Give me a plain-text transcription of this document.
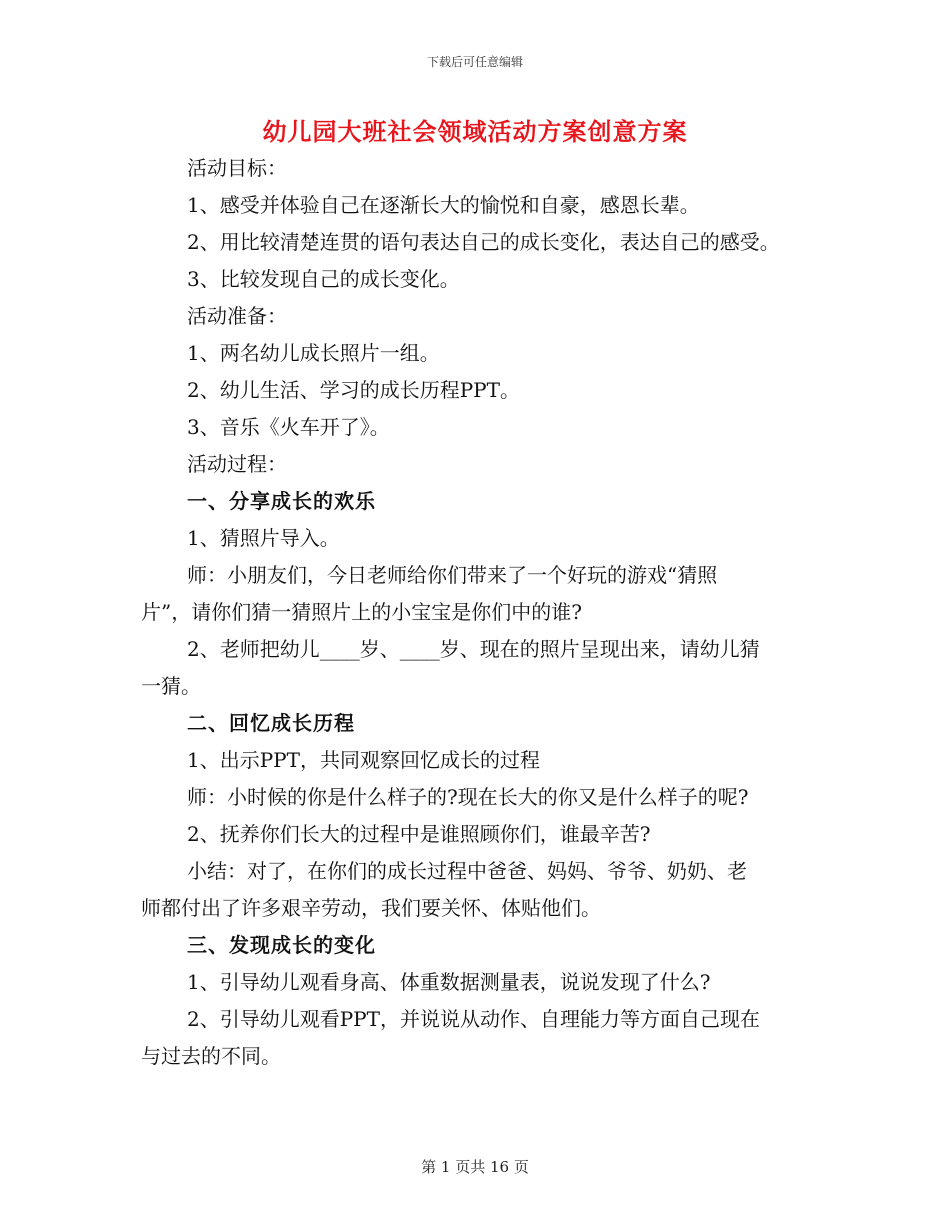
下载后可任意编辑
幼儿园大班社会领域活动方案创意方案
活动目标：
1、感受并体验自己在逐渐长大的愉悦和自豪，感恩长辈。
2、用比较清楚连贯的语句表达自己的成长变化，表达自己的感受。
3、比较发现自己的成长变化。
活动准备：
1、两名幼儿成长照片一组。
2、幼儿生活、学习的成长历程PPT。
3、音乐《火车开了》。
活动过程：
一、分享成长的欢乐
1、猜照片导入。
师：小朋友们，今日老师给你们带来了一个好玩的游戏“猜照
片”，请你们猜一猜照片上的小宝宝是你们中的谁?
2、老师把幼儿____岁、____岁、现在的照片呈现出来，请幼儿猜
一猜。
二、回忆成长历程
1、出示PPT，共同观察回忆成长的过程
师：小时候的你是什么样子的?现在长大的你又是什么样子的呢?
2、抚养你们长大的过程中是谁照顾你们，谁最辛苦?
小结：对了，在你们的成长过程中爸爸、妈妈、爷爷、奶奶、老
师都付出了许多艰辛劳动，我们要关怀、体贴他们。
三、发现成长的变化
1、引导幼儿观看身高、体重数据测量表，说说发现了什么?
2、引导幼儿观看PPT，并说说从动作、自理能力等方面自己现在
与过去的不同。
第 1 页共 16 页
